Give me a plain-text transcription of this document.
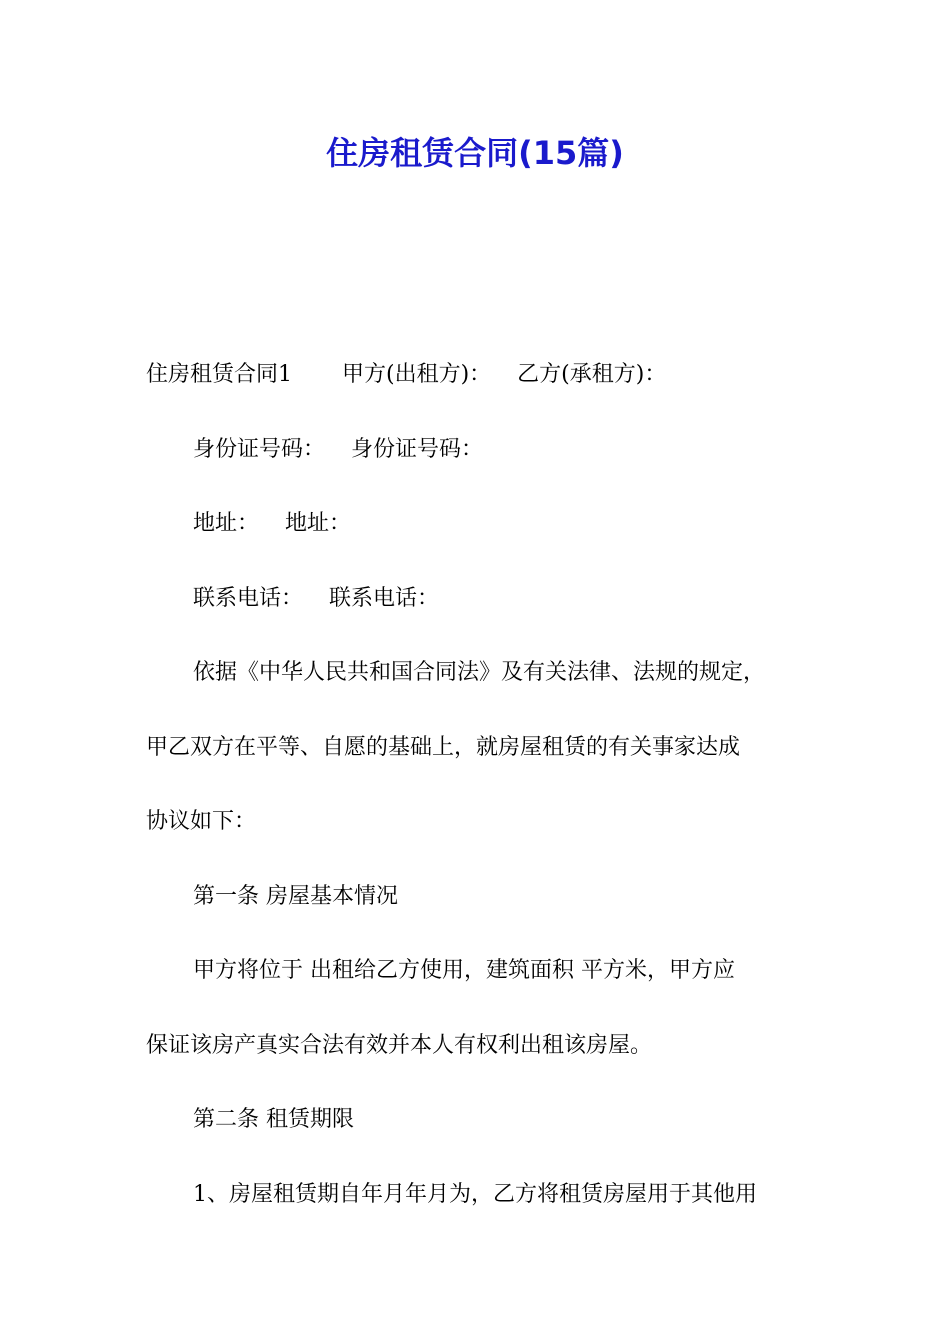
住房租赁合同(15篇)
住房租赁合同1 甲方(出租方)： 乙方(承租方)：
身份证号码： 身份证号码：
地址： 地址：
联系电话： 联系电话：
依据《中华人民共和国合同法》及有关法律、法规的规定，
甲乙双方在平等、自愿的基础上，就房屋租赁的有关事家达成
协议如下：
第一条 房屋基本情况
甲方将位于 出租给乙方使用，建筑面积 平方米，甲方应
保证该房产真实合法有效并本人有权利出租该房屋。
第二条 租赁期限
1、房屋租赁期自年月年月为，乙方将租赁房屋用于其他用
